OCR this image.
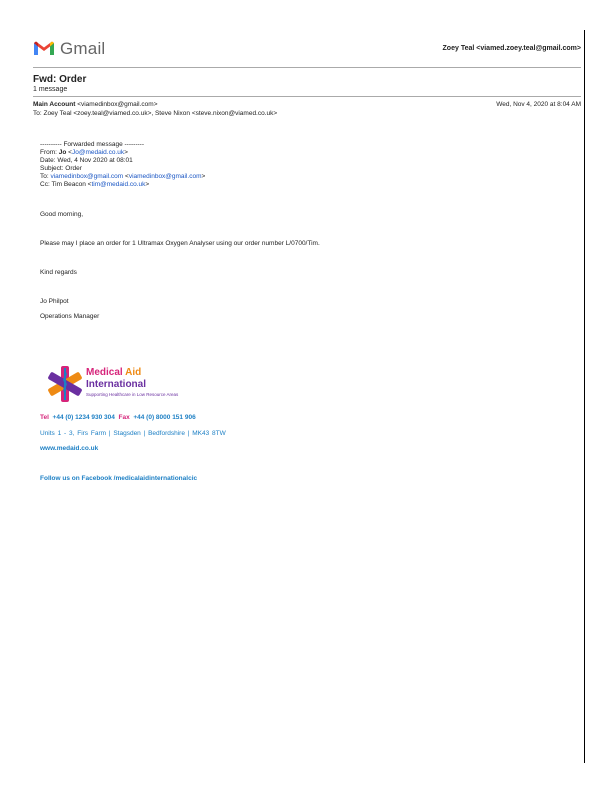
Gmail	Zoey Teal <viamed.zoey.teal@gmail.com>
Fwd: Order
1 message
Main Account <viamedinbox@gmail.com>	Wed, Nov 4, 2020 at 8:04 AM
To: Zoey Teal <zoey.teal@viamed.co.uk>, Steve Nixon <steve.nixon@viamed.co.uk>
---------- Forwarded message ---------
From: Jo <Jo@medaid.co.uk>
Date: Wed, 4 Nov 2020 at 08:01
Subject: Order
To: viamedinbox@gmail.com <viamedinbox@gmail.com>
Cc: Tim Beacon <tim@medaid.co.uk>
Good morning,
Please may I place an order for 1 Ultramax Oxygen Analyser using our order number L/0700/Tim.
Kind regards
Jo Philpot
Operations Manager
Medical Aid
International
Supporting Healthcare in Low Resource Areas
Tel +44 (0) 1234 930 304 Fax +44 (0) 8000 151 906
Units 1 - 3, Firs Farm | Stagsden | Bedfordshire | MK43 8TW
www.medaid.co.uk
Follow us on Facebook /medicalaidinternationalcic
